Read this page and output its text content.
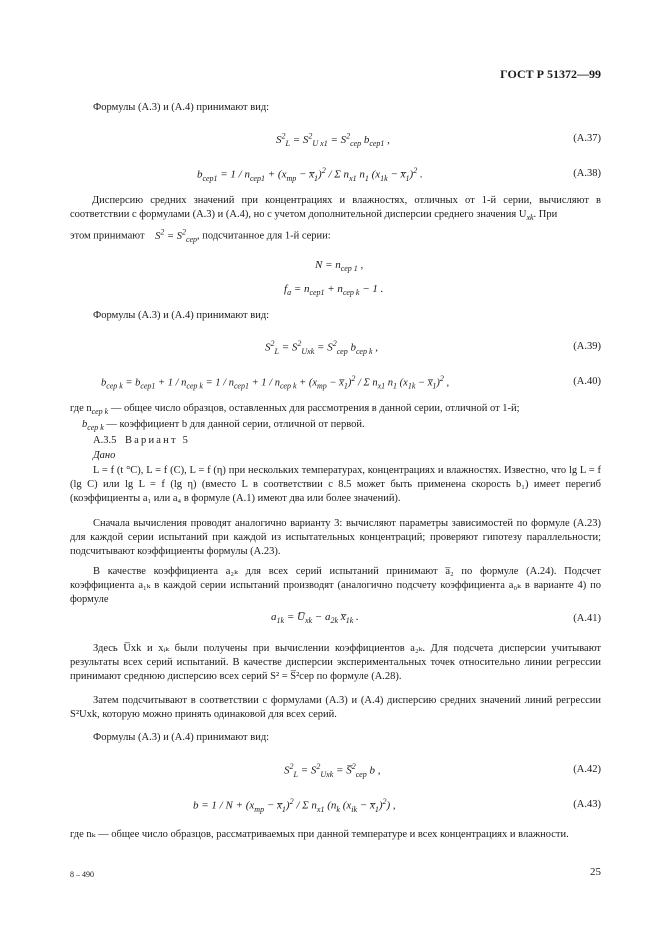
ГОСТ Р 51372—99
Формулы (А.3) и (А.4) принимают вид:
$S^2_L = S^2_{U x1} = S^2_{сер}$ $b_{сер1}$ ,	(А.37)
$b_{сер1} = 1 / n_{сер1} + (x_{тр}$ − $x̅_1)^2$ / Σ $n_{x1}$ $n_1$ ($x_{1k}$ − $x̅_1)^2$ .	(А.38)
Дисперсию средних значений при концентрациях и влажностях, отличных от 1-й серии, вычисляют в соответствии с формулами (А.3) и (А.4), но с учетом дополнительной дисперсии среднего значения $U_{xk}$. При
этом принимают $S^2 = S^2_{сер}$, подсчитанное для 1-й серии:
$N = n_{сер 1}$ ,
$f_a = n_{сер1} + n_{сер k} - 1$ .
Формулы (А.3) и (А.4) принимают вид:
$S^2_L = S^2_{Uxk} = S^2_{сер}$ $b_{сер k}$ ,	(А.39)
$b_{сер k} = b_{сер1} + 1 / n_{сер k} = 1 / n_{сер1} + 1 / n_{сер k} + (x_{тр}$ − $x̅_1)^2$ / Σ $n_{x1}$ $n_1$ ($x_{1k}$ − $x̅_1)^2$ ,	(А.40)
где $n_{сер k}$ — общее число образцов, оставленных для рассмотрения в данной серии, отличной от 1-й;
$b_{сер k}$ — коэффициент b для данной серии, отличной от первой.
А.3.5 Вариант 5
Дано
L = f (t °C), L = f (C), L = f (η) при нескольких температурах, концентрациях и влажностях. Известно, что lg L = f (lg C) или lg L = f (lg η) (вместо L в соответствии с 8.5 может быть применена скорость b₁) имеет перегиб (коэффициенты a₁ или a₄ в формуле (А.1) имеют два или более значений).
Сначала вычисления проводят аналогично варианту 3: вычисляют параметры зависимостей по формуле (А.23) для каждой серии испытаний при каждой из испытательных концентраций; проверяют гипотезу параллельности; подсчитывают коэффициенты формулы (А.23).
В качестве коэффициента a₂ₖ для всех серий испытаний принимают a̅₂ по формуле (А.24). Подсчет коэффициента a₁ₖ в каждой серии испытаний производят (аналогично подсчету коэффициента a₀ₖ в варианте 4) по формуле
$a_{1k}$ = $U̅_{xk} - a_{2k}$ $x̅_{1k}$ .	(А.41)
Здесь U̅xk и xᵢₖ были получены при вычислении коэффициентов a₂ₖ. Для подсчета дисперсии учитывают результаты всех серий испытаний. В качестве дисперсии экспериментальных точек относительно линии регрессии принимают среднюю дисперсию всех серий S² = S̅²сер по формуле (А.28).
Затем подсчитывают в соответствии с формулами (А.3) и (А.4) дисперсию средних значений линий регрессии S²Uxk, которую можно принять одинаковой для всех серий.
Формулы (А.3) и (А.4) принимают вид:
$S^2_L = S^2_{Uxk}$ = S̅$^2_{сер}$ b ,	(А.42)
$b = 1 / N + (x_{тр}$ − $x̅_1)^2$ / Σ $n_{x1}$ ($n_k$ ($x_{ik}$ − $x̅_1)^2$) ,	(А.43)
где nₖ — общее число образцов, рассматриваемых при данной температуре и всех концентрациях и влажности.
8 – 490	25
